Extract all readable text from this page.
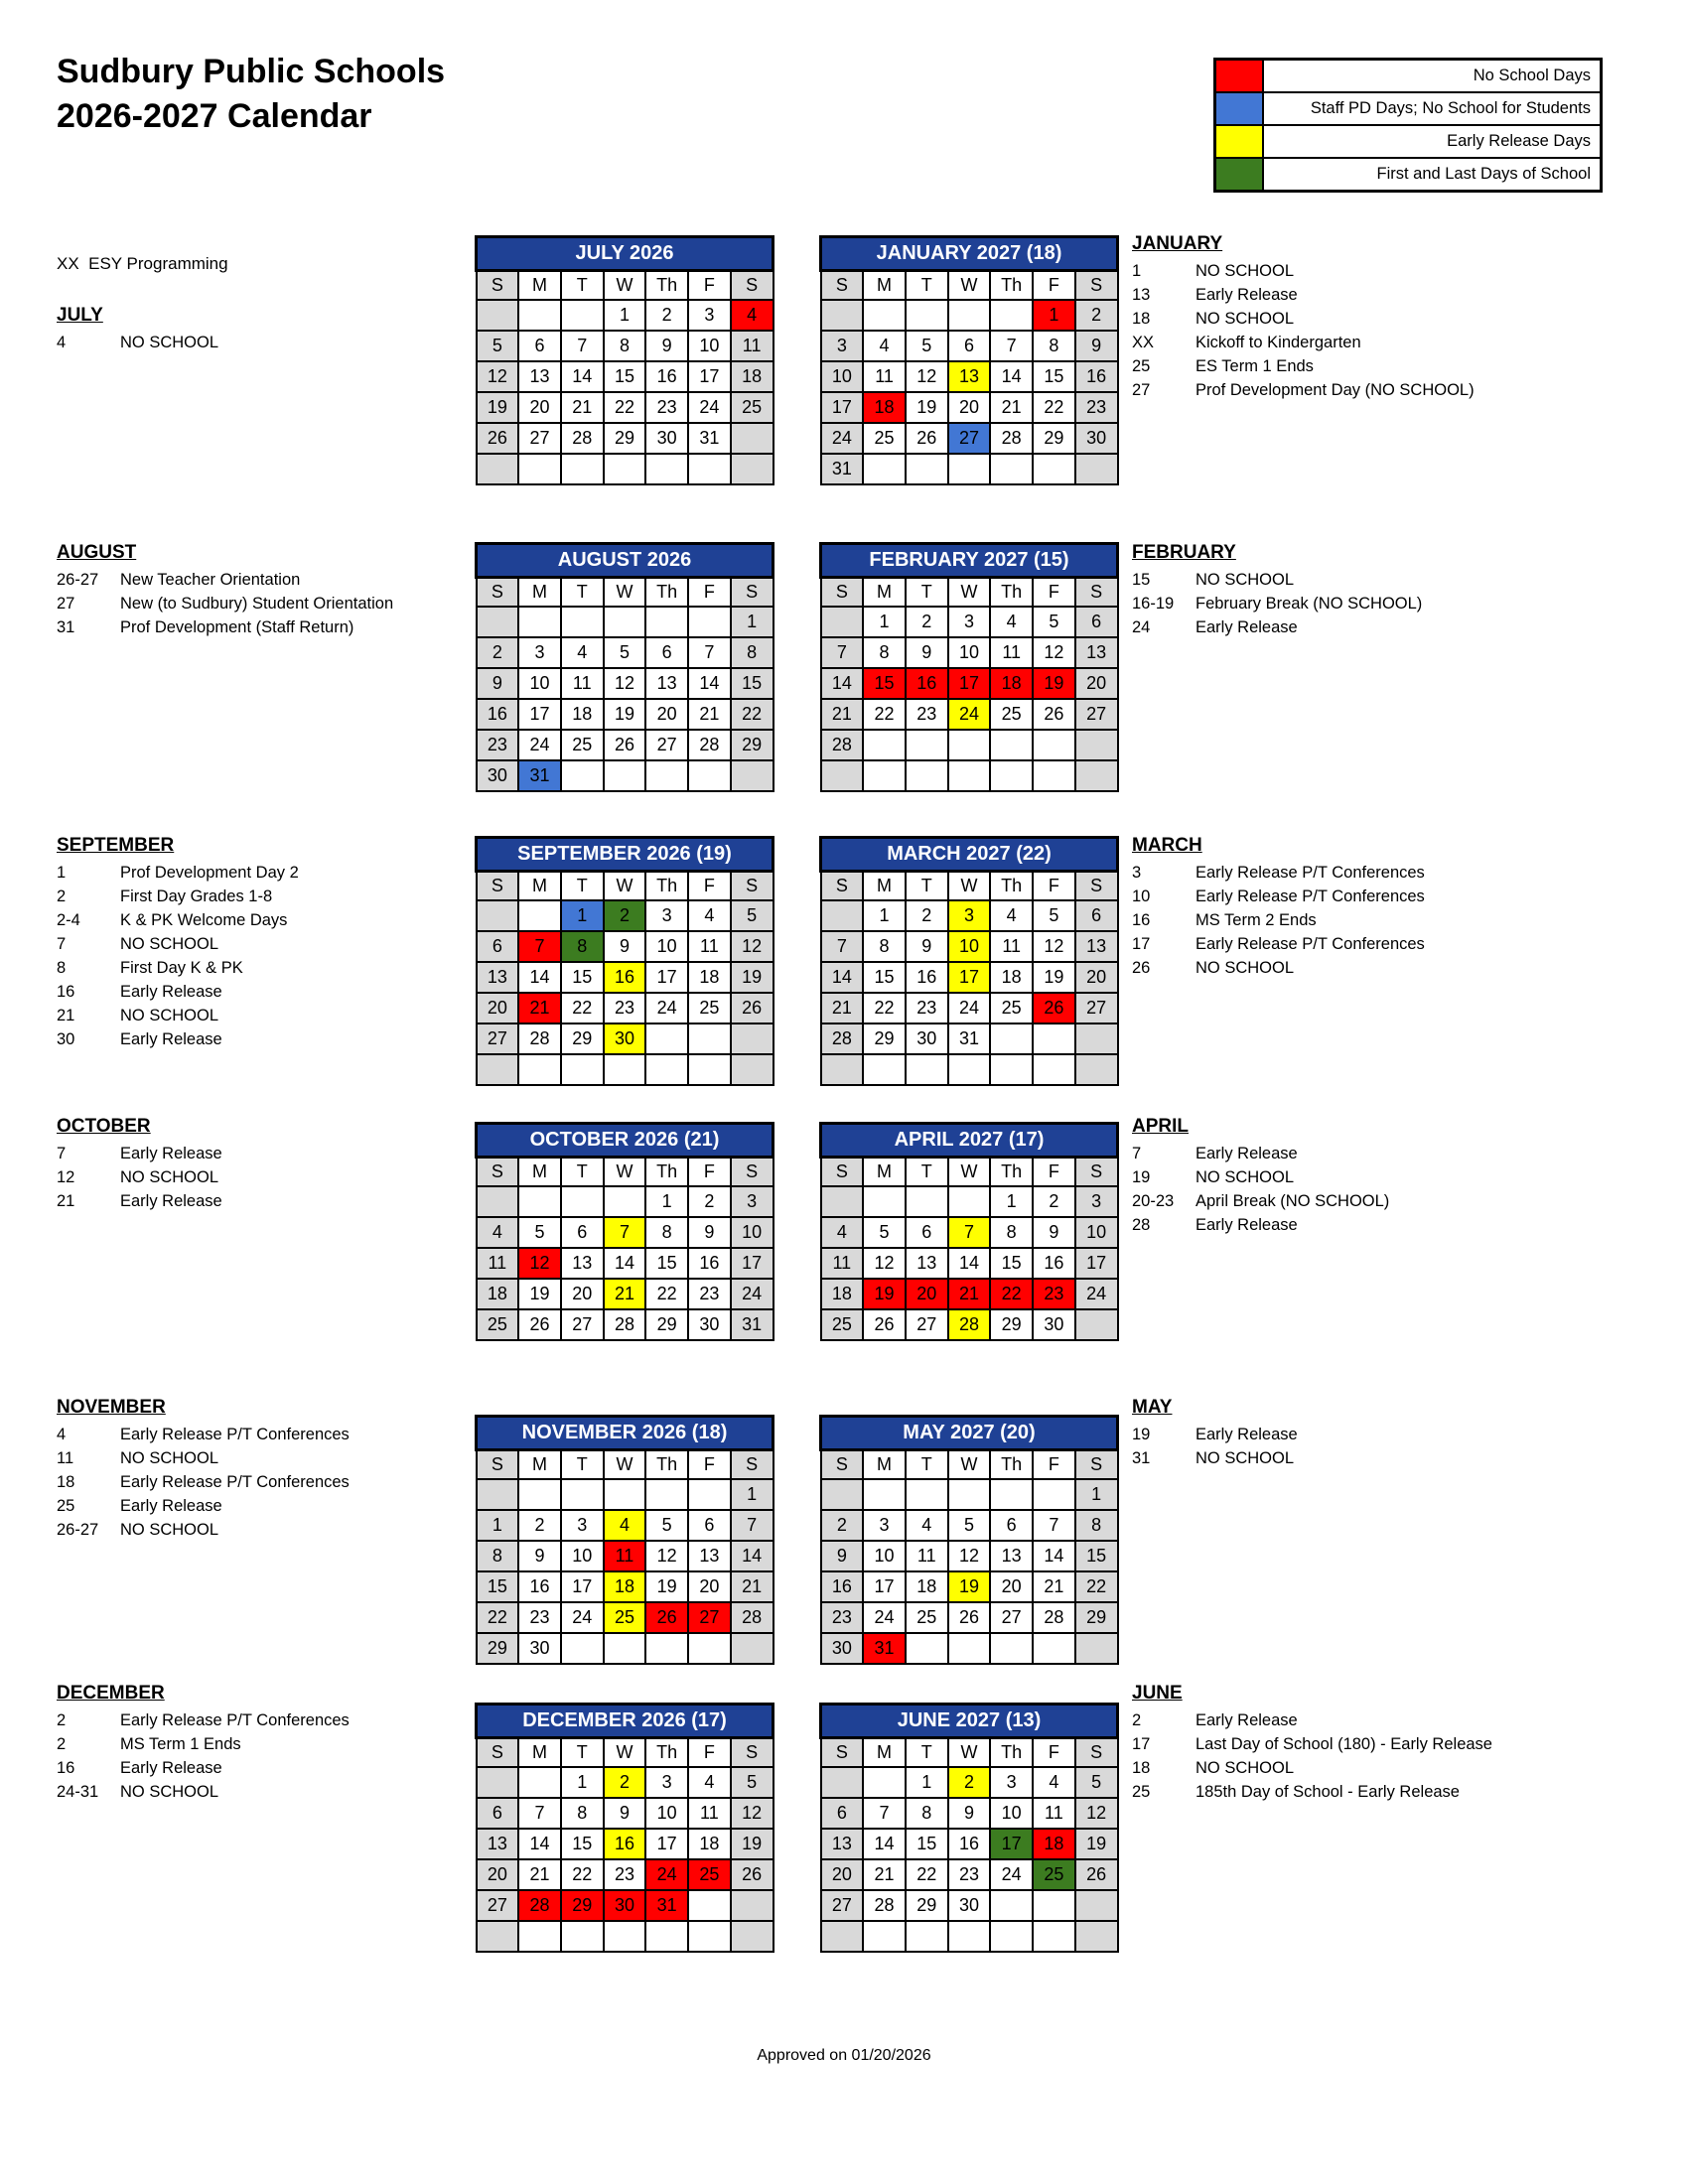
Sudbury Public Schools
2026-2027 Calendar
	No School Days
	Staff PD Days; No School for Students
	Early Release Days
	First and Last Days of School
XX  ESY Programming
JULY
4	NO SCHOOL
JULY 2026						
S	M	T	W	Th	F	S
			1	2	3	4
5	6	7	8	9	10	11
12	13	14	15	16	17	18
19	20	21	22	23	24	25
26	27	28	29	30	31	

JANUARY 2027 (18)						
S	M	T	W	Th	F	S
					1	2
3	4	5	6	7	8	9
10	11	12	13	14	15	16
17	18	19	20	21	22	23
24	25	26	27	28	29	30
31						
JANUARY
1	NO SCHOOL
13	Early Release
18	NO SCHOOL
XX	Kickoff to Kindergarten
25	ES Term 1 Ends
27	Prof Development Day (NO SCHOOL)
AUGUST
26-27	New Teacher Orientation
27	New (to Sudbury) Student Orientation
31	Prof Development (Staff Return)
AUGUST 2026						
S	M	T	W	Th	F	S
						1
2	3	4	5	6	7	8
9	10	11	12	13	14	15
16	17	18	19	20	21	22
23	24	25	26	27	28	29
30	31					
FEBRUARY 2027 (15)						
S	M	T	W	Th	F	S
	1	2	3	4	5	6
7	8	9	10	11	12	13
14	15	16	17	18	19	20
21	22	23	24	25	26	27
28						

FEBRUARY
15	NO SCHOOL
16-19	February Break (NO SCHOOL)
24	Early Release
SEPTEMBER
1	Prof Development Day 2
2	First Day Grades 1-8
2-4	K & PK Welcome Days
7	NO SCHOOL
8	First Day K & PK
16	Early Release
21	NO SCHOOL
30	Early Release
SEPTEMBER 2026 (19)						
S	M	T	W	Th	F	S
		1	2	3	4	5
6	7	8	9	10	11	12
13	14	15	16	17	18	19
20	21	22	23	24	25	26
27	28	29	30			

MARCH 2027 (22)						
S	M	T	W	Th	F	S
	1	2	3	4	5	6
7	8	9	10	11	12	13
14	15	16	17	18	19	20
21	22	23	24	25	26	27
28	29	30	31			

MARCH
3	Early Release P/T Conferences
10	Early Release P/T Conferences
16	MS Term 2 Ends
17	Early Release P/T Conferences
26	NO SCHOOL
OCTOBER
7	Early Release
12	NO SCHOOL
21	Early Release
OCTOBER 2026 (21)						
S	M	T	W	Th	F	S
				1	2	3
4	5	6	7	8	9	10
11	12	13	14	15	16	17
18	19	20	21	22	23	24
25	26	27	28	29	30	31
APRIL 2027 (17)						
S	M	T	W	Th	F	S
				1	2	3
4	5	6	7	8	9	10
11	12	13	14	15	16	17
18	19	20	21	22	23	24
25	26	27	28	29	30	
APRIL
7	Early Release
19	NO SCHOOL
20-23	April Break (NO SCHOOL)
28	Early Release
NOVEMBER
4	Early Release P/T Conferences
11	NO SCHOOL
18	Early Release P/T Conferences
25	Early Release
26-27	NO SCHOOL
NOVEMBER 2026 (18)						
S	M	T	W	Th	F	S
						1
1	2	3	4	5	6	7
8	9	10	11	12	13	14
15	16	17	18	19	20	21
22	23	24	25	26	27	28
29	30					
MAY 2027 (20)						
S	M	T	W	Th	F	S
						1
2	3	4	5	6	7	8
9	10	11	12	13	14	15
16	17	18	19	20	21	22
23	24	25	26	27	28	29
30	31					
MAY
19	Early Release
31	NO SCHOOL
DECEMBER
2	Early Release P/T Conferences
2	MS Term 1 Ends
16	Early Release
24-31	NO SCHOOL
DECEMBER 2026 (17)						
S	M	T	W	Th	F	S
		1	2	3	4	5
6	7	8	9	10	11	12
13	14	15	16	17	18	19
20	21	22	23	24	25	26
27	28	29	30	31		

JUNE 2027 (13)						
S	M	T	W	Th	F	S
		1	2	3	4	5
6	7	8	9	10	11	12
13	14	15	16	17	18	19
20	21	22	23	24	25	26
27	28	29	30			

JUNE
2	Early Release
17	Last Day of School (180) - Early Release
18	NO SCHOOL
25	185th Day of School - Early Release
Approved on 01/20/2026
